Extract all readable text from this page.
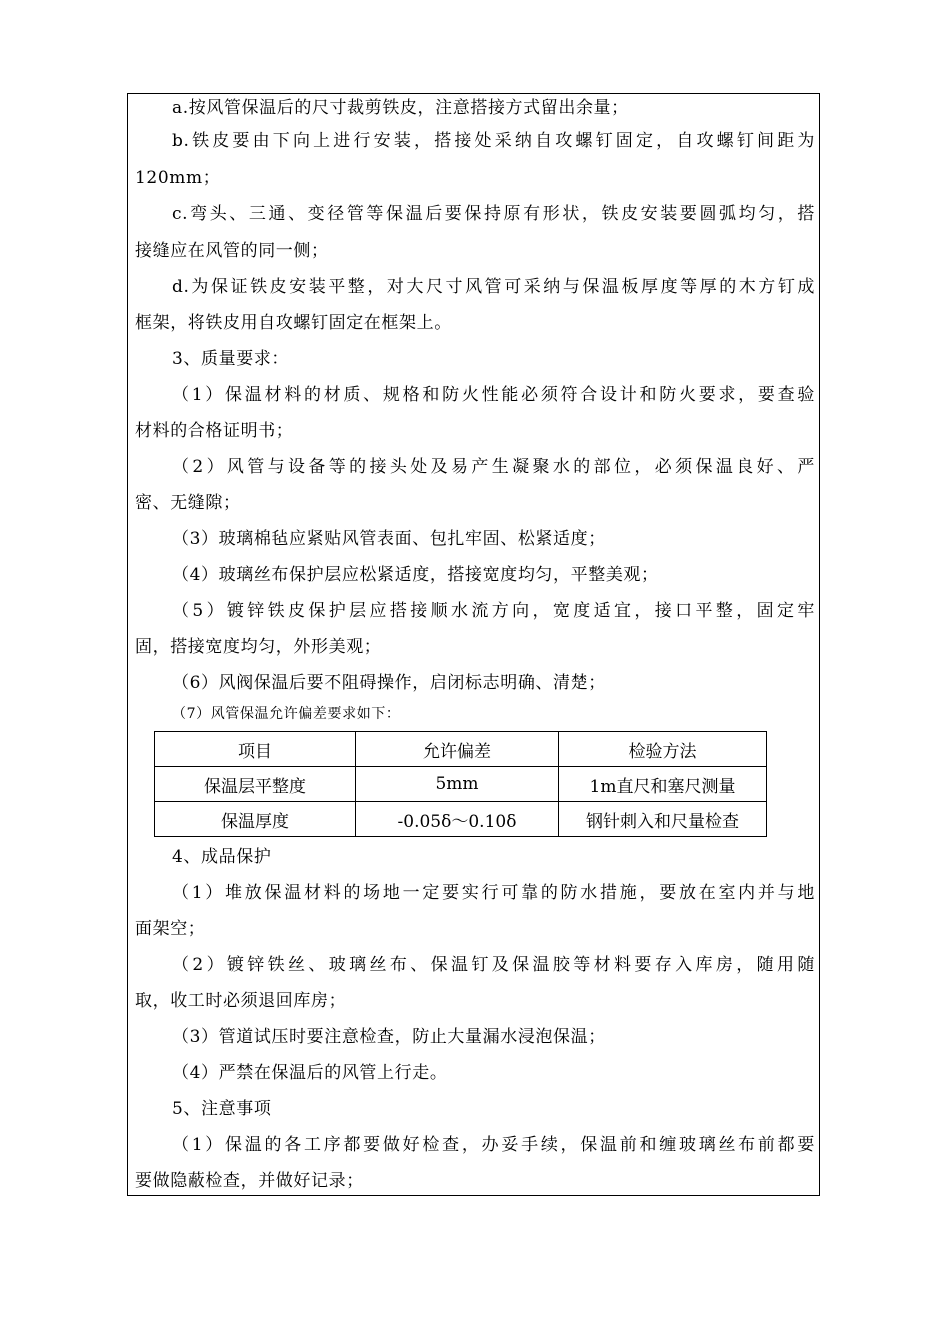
a.按风管保温后的尺寸裁剪铁皮，注意搭接方式留出余量；
b.铁皮要由下向上进行安装，搭接处采纳自攻螺钉固定，自攻螺钉间距为
120mm；
c.弯头、三通、变径管等保温后要保持原有形状，铁皮安装要圆弧均匀，搭
接缝应在风管的同一侧；
d.为保证铁皮安装平整，对大尺寸风管可采纳与保温板厚度等厚的木方钉成
框架，将铁皮用自攻螺钉固定在框架上。
3、质量要求：
（1）保温材料的材质、规格和防火性能必须符合设计和防火要求，要查验
材料的合格证明书；
（2）风管与设备等的接头处及易产生凝聚水的部位，必须保温良好、严
密、无缝隙；
（3）玻璃棉毡应紧贴风管表面、包扎牢固、松紧适度；
（4）玻璃丝布保护层应松紧适度，搭接宽度均匀，平整美观；
（5）镀锌铁皮保护层应搭接顺水流方向，宽度适宜，接口平整，固定牢
固，搭接宽度均匀，外形美观；
（6）风阀保温后要不阻碍操作，启闭标志明确、清楚；
（7）风管保温允许偏差要求如下：
项目	允许偏差	检验方法
保温层平整度	5mm	1m直尺和塞尺测量
保温厚度	-0.05δ～0.10δ	钢针刺入和尺量检查
4、成品保护
（1）堆放保温材料的场地一定要实行可靠的防水措施，要放在室内并与地
面架空；
（2）镀锌铁丝、玻璃丝布、保温钉及保温胶等材料要存入库房，随用随
取，收工时必须退回库房；
（3）管道试压时要注意检查，防止大量漏水浸泡保温；
（4）严禁在保温后的风管上行走。
5、注意事项
（1）保温的各工序都要做好检查，办妥手续，保温前和缠玻璃丝布前都要
要做隐蔽检查，并做好记录；
